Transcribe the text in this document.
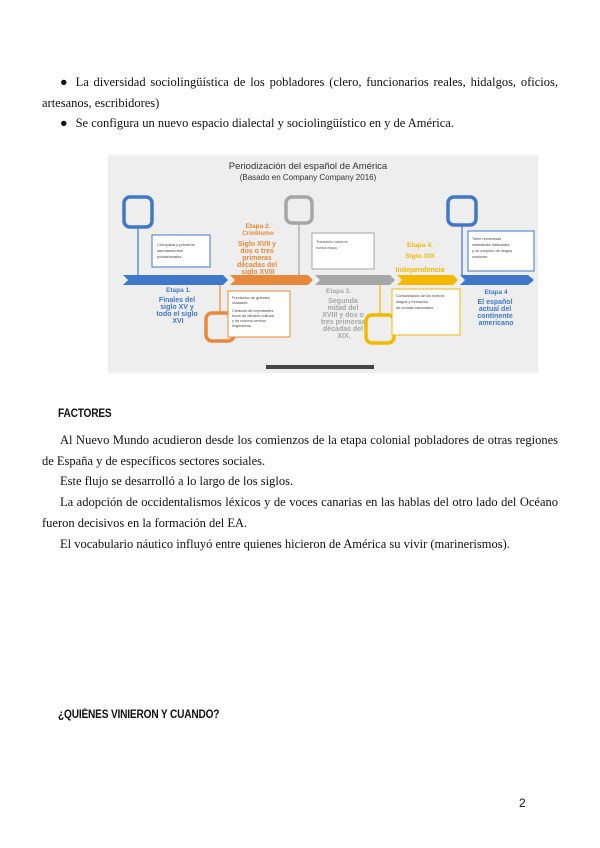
● La diversidad sociolingüística de los pobladores (clero, funcionarios reales, hidalgos, oficios, artesanos, escribidores)
● Se configura un nuevo espacio dialectal y sociolingüístico en y de América.
Periodización del español de América
(Basado en Company Company 2016)
Conquista y primeros asentamientos poblacionales
Etapa 1.
Finales del siglo XV y todo el siglo XVI
Etapa 2.
Criollismo
Siglo XVII y dos o tres primeras décadas del siglo XVIII
Fundación de grandes ciudades. Creación de importantes focos de difusión cultural y de nuevos centros lingüísticos.
Transición hacia la nueva etapa
Etapa 3.
Segunda mitad del XVIII y dos o tres primeras décadas del XIX.
Etapa 4.
Siglo XIX
Independencia
Consolidación de los nuevos rasgos y formación de normas nacionales
Tiene numerosas variedades dialectales y un conjunto de rasgos comunes
Etapa 4
El español actual del continente americano
FACTORES
Al Nuevo Mundo acudieron desde los comienzos de la etapa colonial pobladores de otras regiones de España y de específicos sectores sociales.
Este flujo se desarrolló a lo largo de los siglos.
La adopción de occidentalismos léxicos y de voces canarias en las hablas del otro lado del Océano fueron decisivos en la formación del EA.
El vocabulario náutico influyó entre quienes hicieron de América su vivir (marinerismos).
¿QUIÉNES VINIERON Y CUANDO?
2
